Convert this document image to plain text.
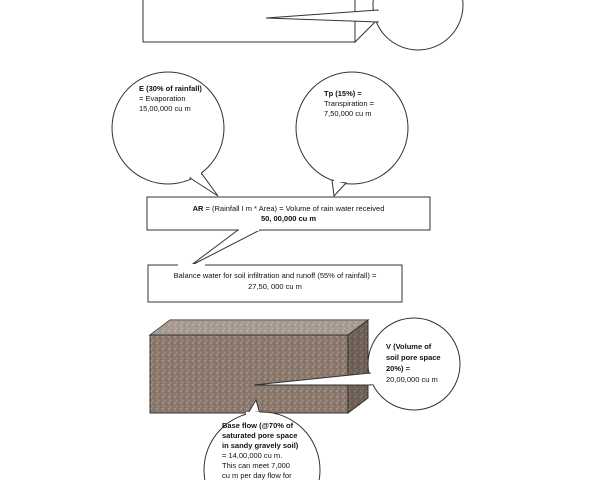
E (30% of rainfall)
= Evaporation
15,00,000 cu m
Tp (15%) =
Transpiration =
7,50,000 cu m
AR = (Rainfall I m * Area) = Volume of rain water received
50, 00,000 cu m
Balance water for soil infiltration and runoff (55% of rainfall) =
27,50, 000 cu m
V (Volume of
soil pore space
20%) =
20,00,000 cu m
Base flow (@70% of
saturated pore space
in sandy gravely soil)
= 14,00,000 cu m.
This can meet 7,000
cu m per day flow for
